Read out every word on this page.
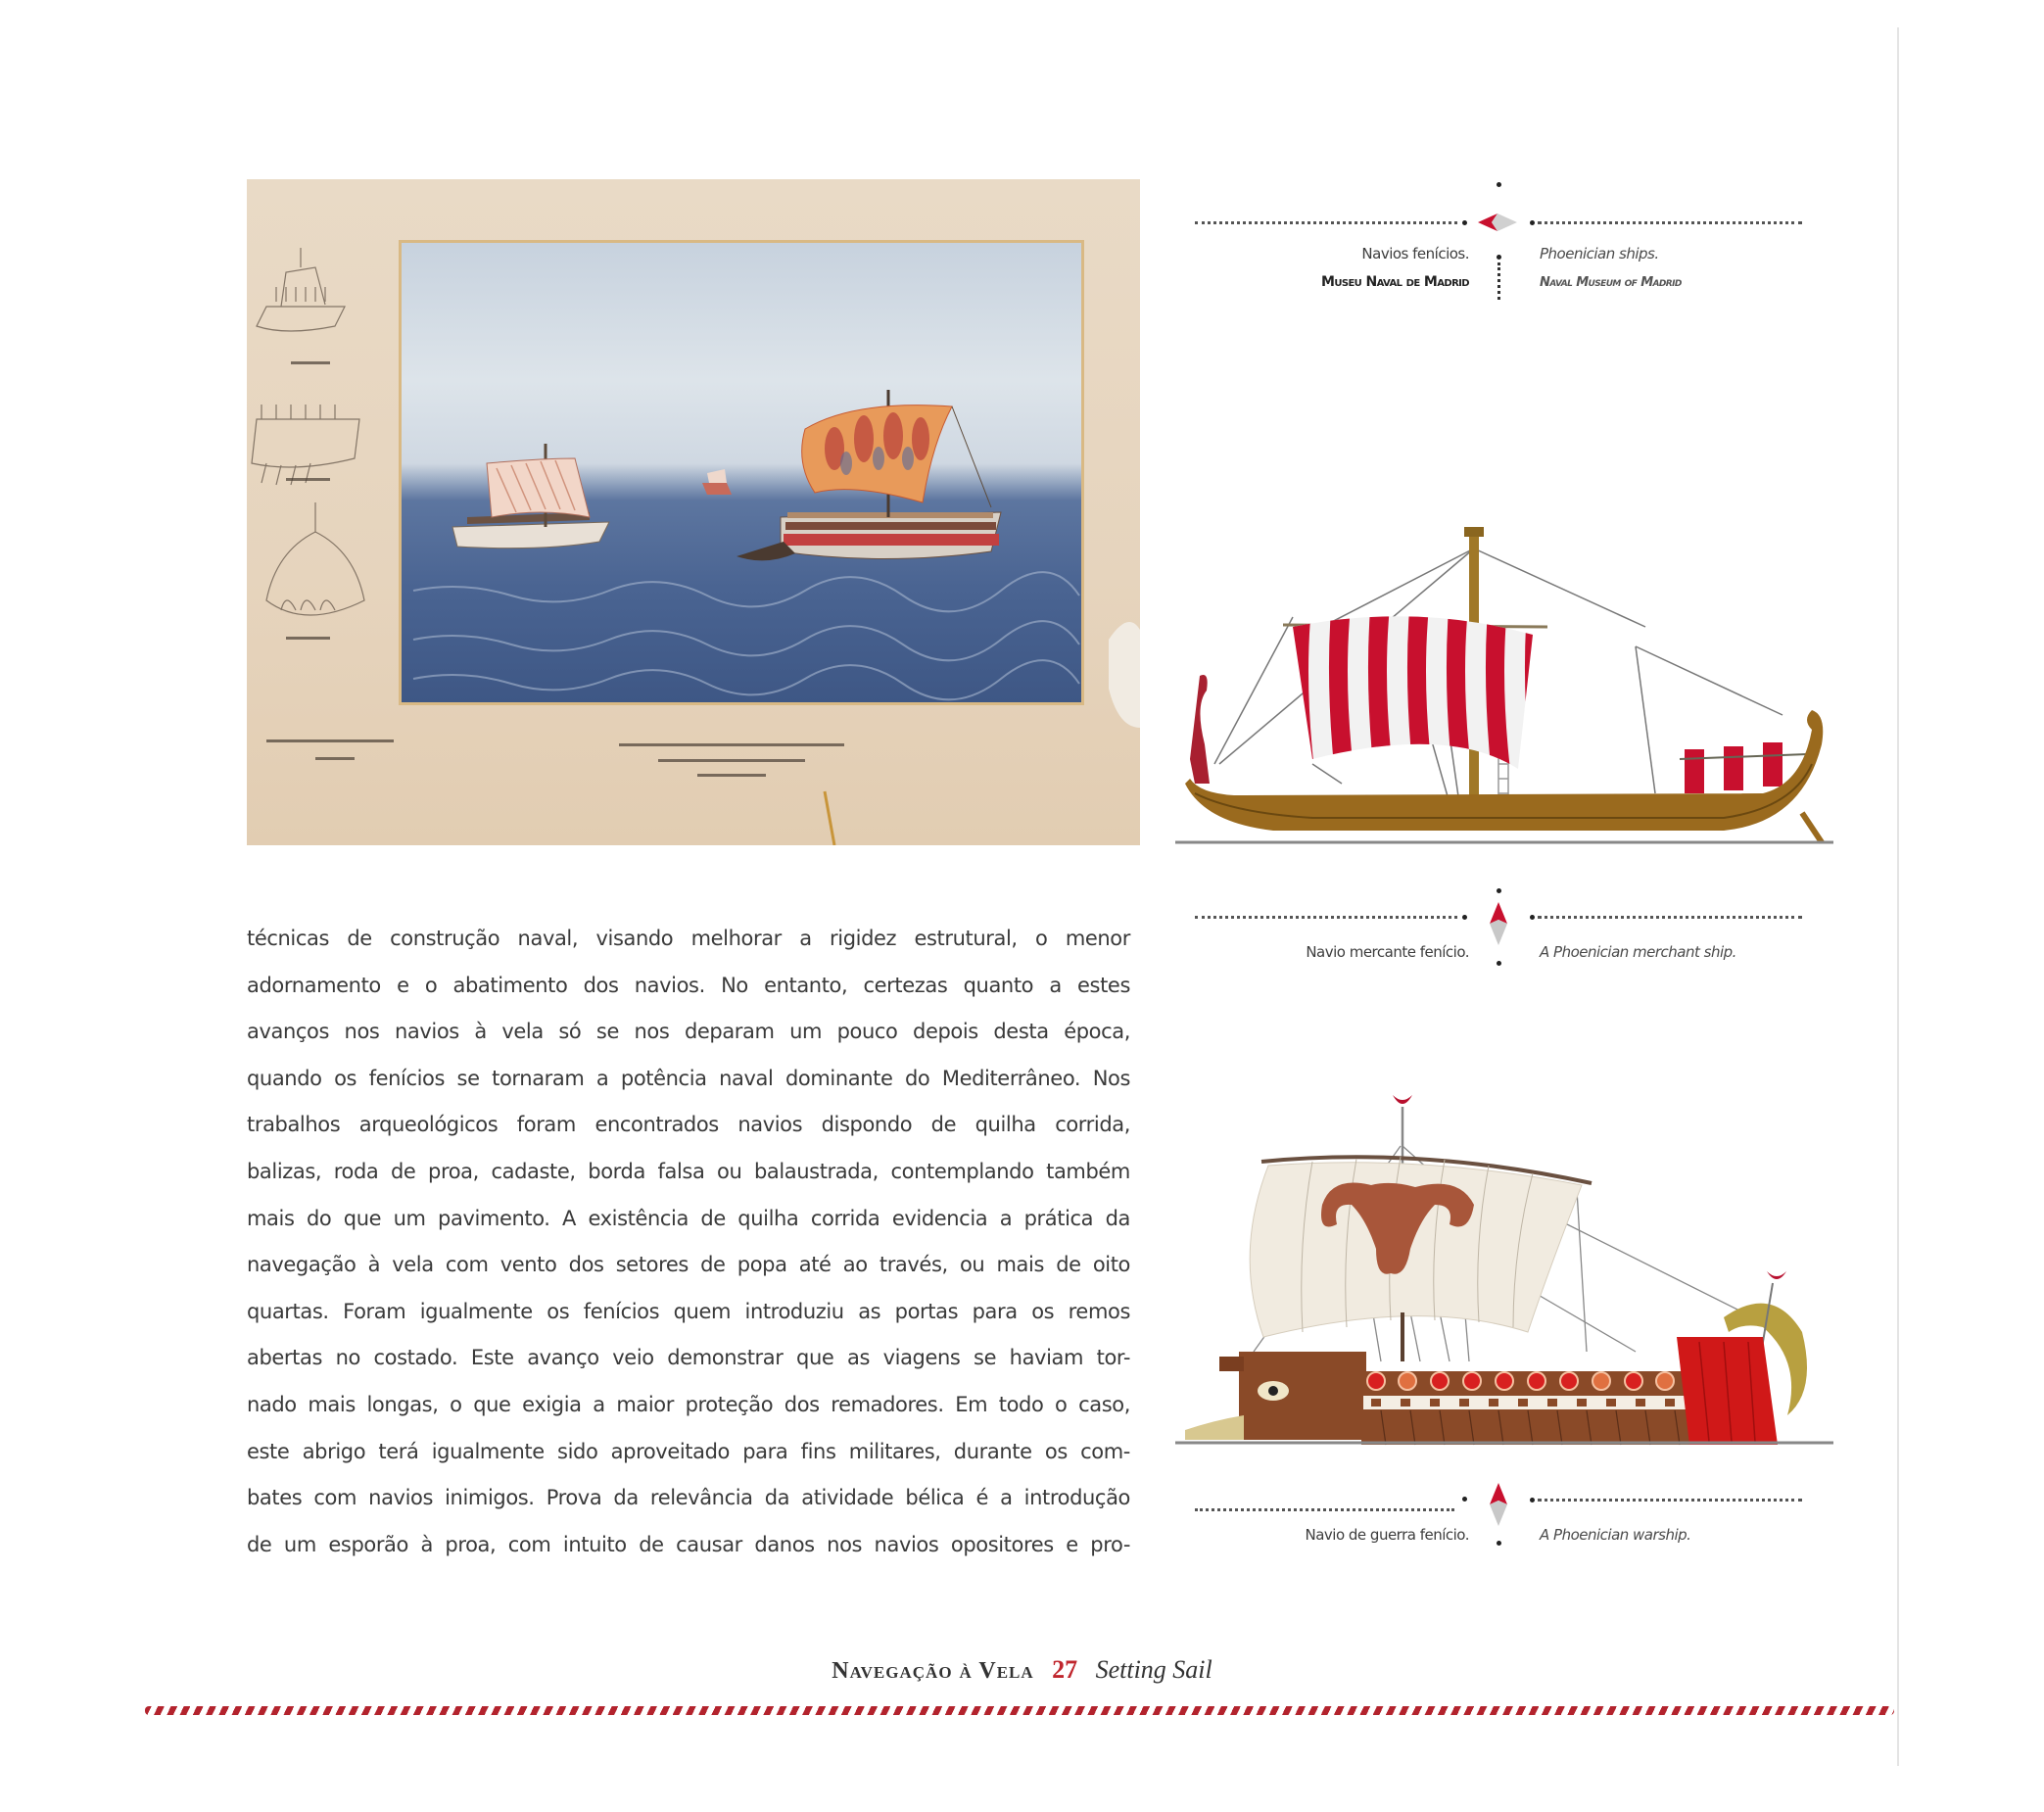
técnicas de construção naval, visando melhorar a rigidez estrutural, o menor
adornamento e o abatimento dos navios. No entanto, certezas quanto a estes
avanços nos navios à vela só se nos deparam um pouco depois desta época,
quando os fenícios se tornaram a potência naval dominante do Mediterrâneo. Nos
trabalhos arqueológicos foram encontrados navios dispondo de quilha corrida,
balizas, roda de proa, cadaste, borda falsa ou balaustrada, contemplando também
mais do que um pavimento. A existência de quilha corrida evidencia a prática da
navegação à vela com vento dos setores de popa até ao través, ou mais de oito
quartas. Foram igualmente os fenícios quem introduziu as portas para os remos
abertas no costado. Este avanço veio demonstrar que as viagens se haviam tor-
nado mais longas, o que exigia a maior proteção dos remadores. Em todo o caso,
este abrigo terá igualmente sido aproveitado para fins militares, durante os com-
bates com navios inimigos. Prova da relevância da atividade bélica é a introdução
de um esporão à proa, com intuito de causar danos nos navios opositores e pro-
Navios fenícios.	Phoenician ships.
Museu Naval de Madrid	Naval Museum of Madrid
Navio mercante fenício.	A Phoenician merchant ship.
Navio de guerra fenício.	A Phoenician warship.
Navegação à Vela 27 Setting Sail
